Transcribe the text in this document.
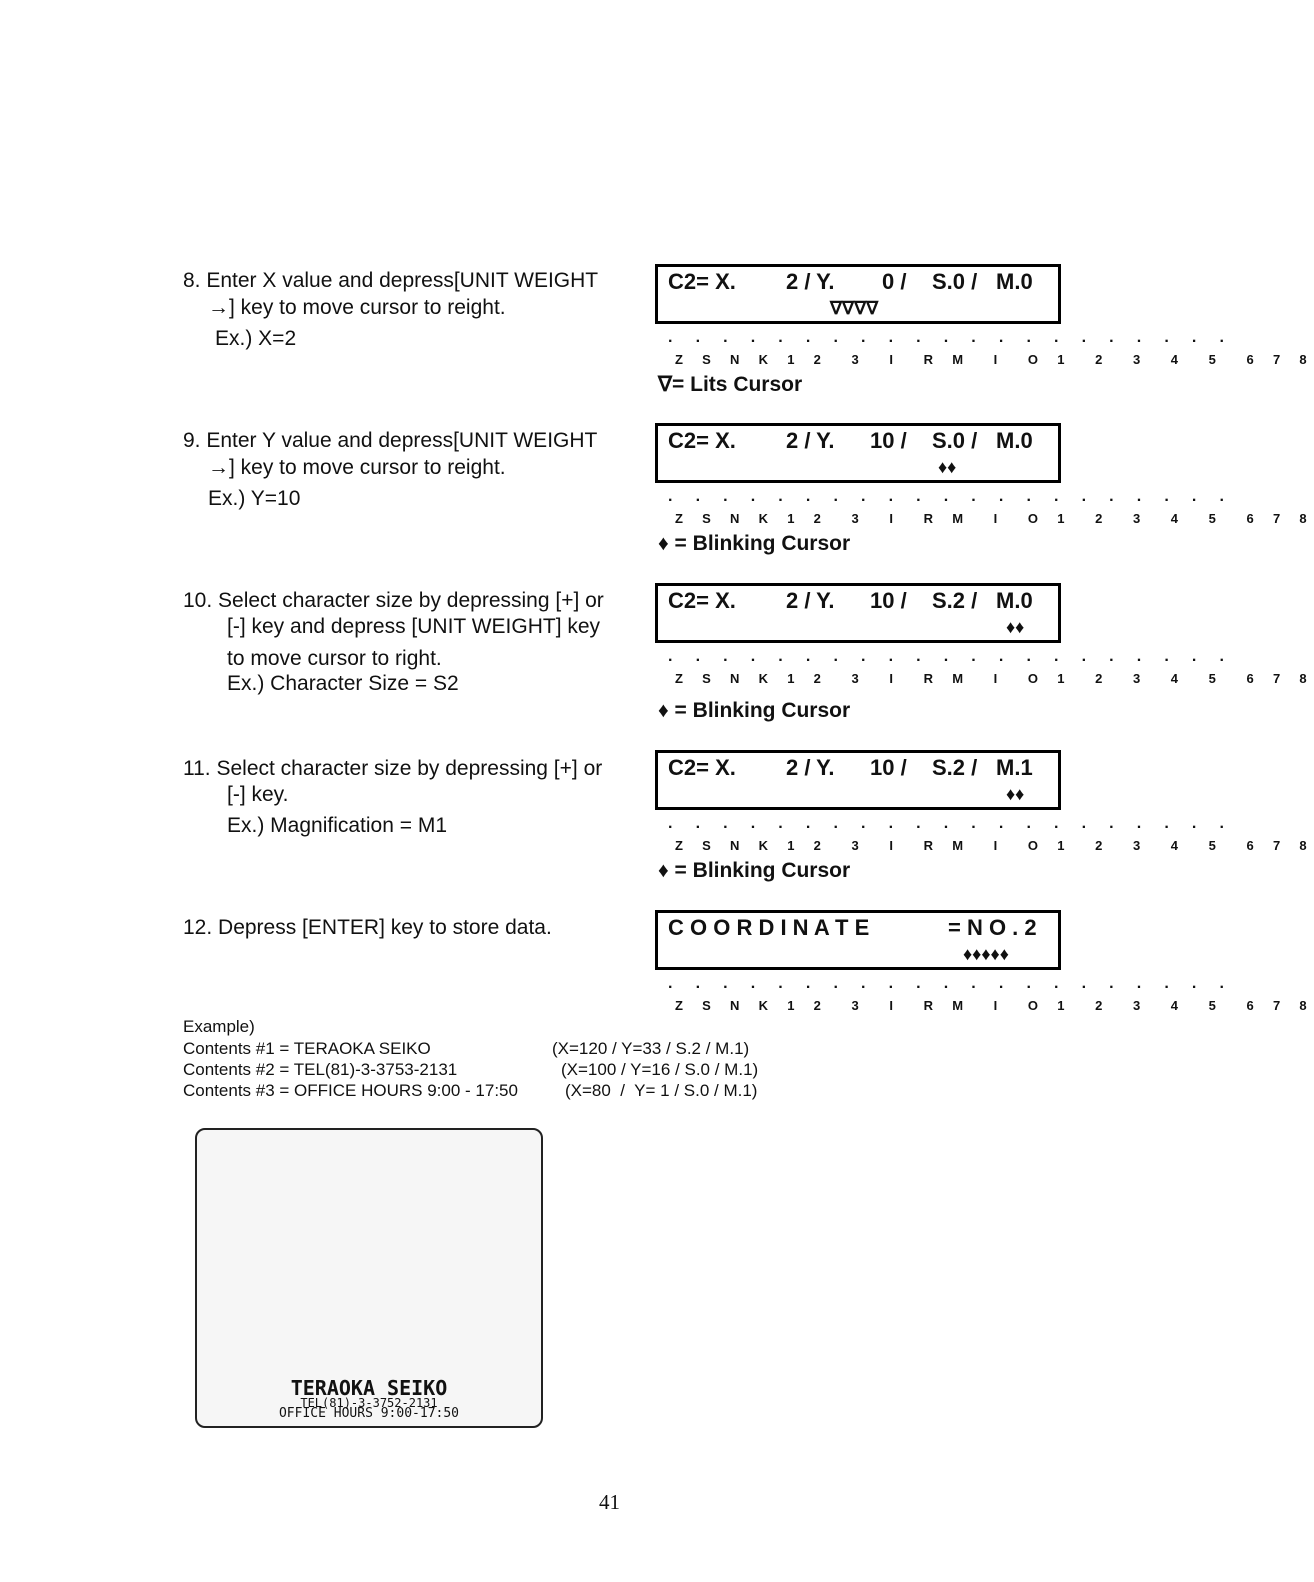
8. Enter X value and depress[UNIT WEIGHT
→] key to move cursor to reight.
Ex.) X=2
9. Enter Y value and depress[UNIT WEIGHT
→] key to move cursor to reight.
Ex.) Y=10
10. Select character size by depressing [+] or
[-] key and depress [UNIT WEIGHT] key
to move cursor to right.
Ex.) Character Size = S2
11. Select character size by depressing [+] or
[-] key.
Ex.) Magnification = M1
12. Depress [ENTER] key to store data.
C2= X. 2 / Y. 0 / S.0 / M.0
∇∇∇∇
· · · · · · · · · · · · · · · · · · · · ·
Z S N K 1 2  3  I  R M  I  O 1  2  3  4  5  6 7 8
∇= Lits Cursor
C2= X. 2 / Y. 10 / S.0 / M.0
♦♦
· · · · · · · · · · · · · · · · · · · · ·
Z S N K 1 2  3  I  R M  I  O 1  2  3  4  5  6 7 8
♦ = Blinking Cursor
C2= X. 2 / Y. 10 / S.2 / M.0
♦♦
· · · · · · · · · · · · · · · · · · · · ·
Z S N K 1 2  3  I  R M  I  O 1  2  3  4  5  6 7 8
♦ = Blinking Cursor
C2= X. 2 / Y. 10 / S.2 / M.1
♦♦
· · · · · · · · · · · · · · · · · · · · ·
Z S N K 1 2  3  I  R M  I  O 1  2  3  4  5  6 7 8
♦ = Blinking Cursor
C O O R D I N A T E	= N O . 2
♦♦♦♦♦
· · · · · · · · · · · · · · · · · · · · ·
Z S N K 1 2  3  I  R M  I  O 1  2  3  4  5  6 7 8
Example)
Contents #1 = TERAOKA SEIKO	(X=120 / Y=33 / S.2 / M.1)
Contents #2 = TEL(81)-3-3753-2131	(X=100 / Y=16 / S.0 / M.1)
Contents #3 = OFFICE HOURS 9:00 - 17:50	(X=80  /  Y= 1 / S.0 / M.1)
TERAOKA SEIKO
TEL(81)-3-3752-2131
OFFICE HOURS 9:00-17:50
41
